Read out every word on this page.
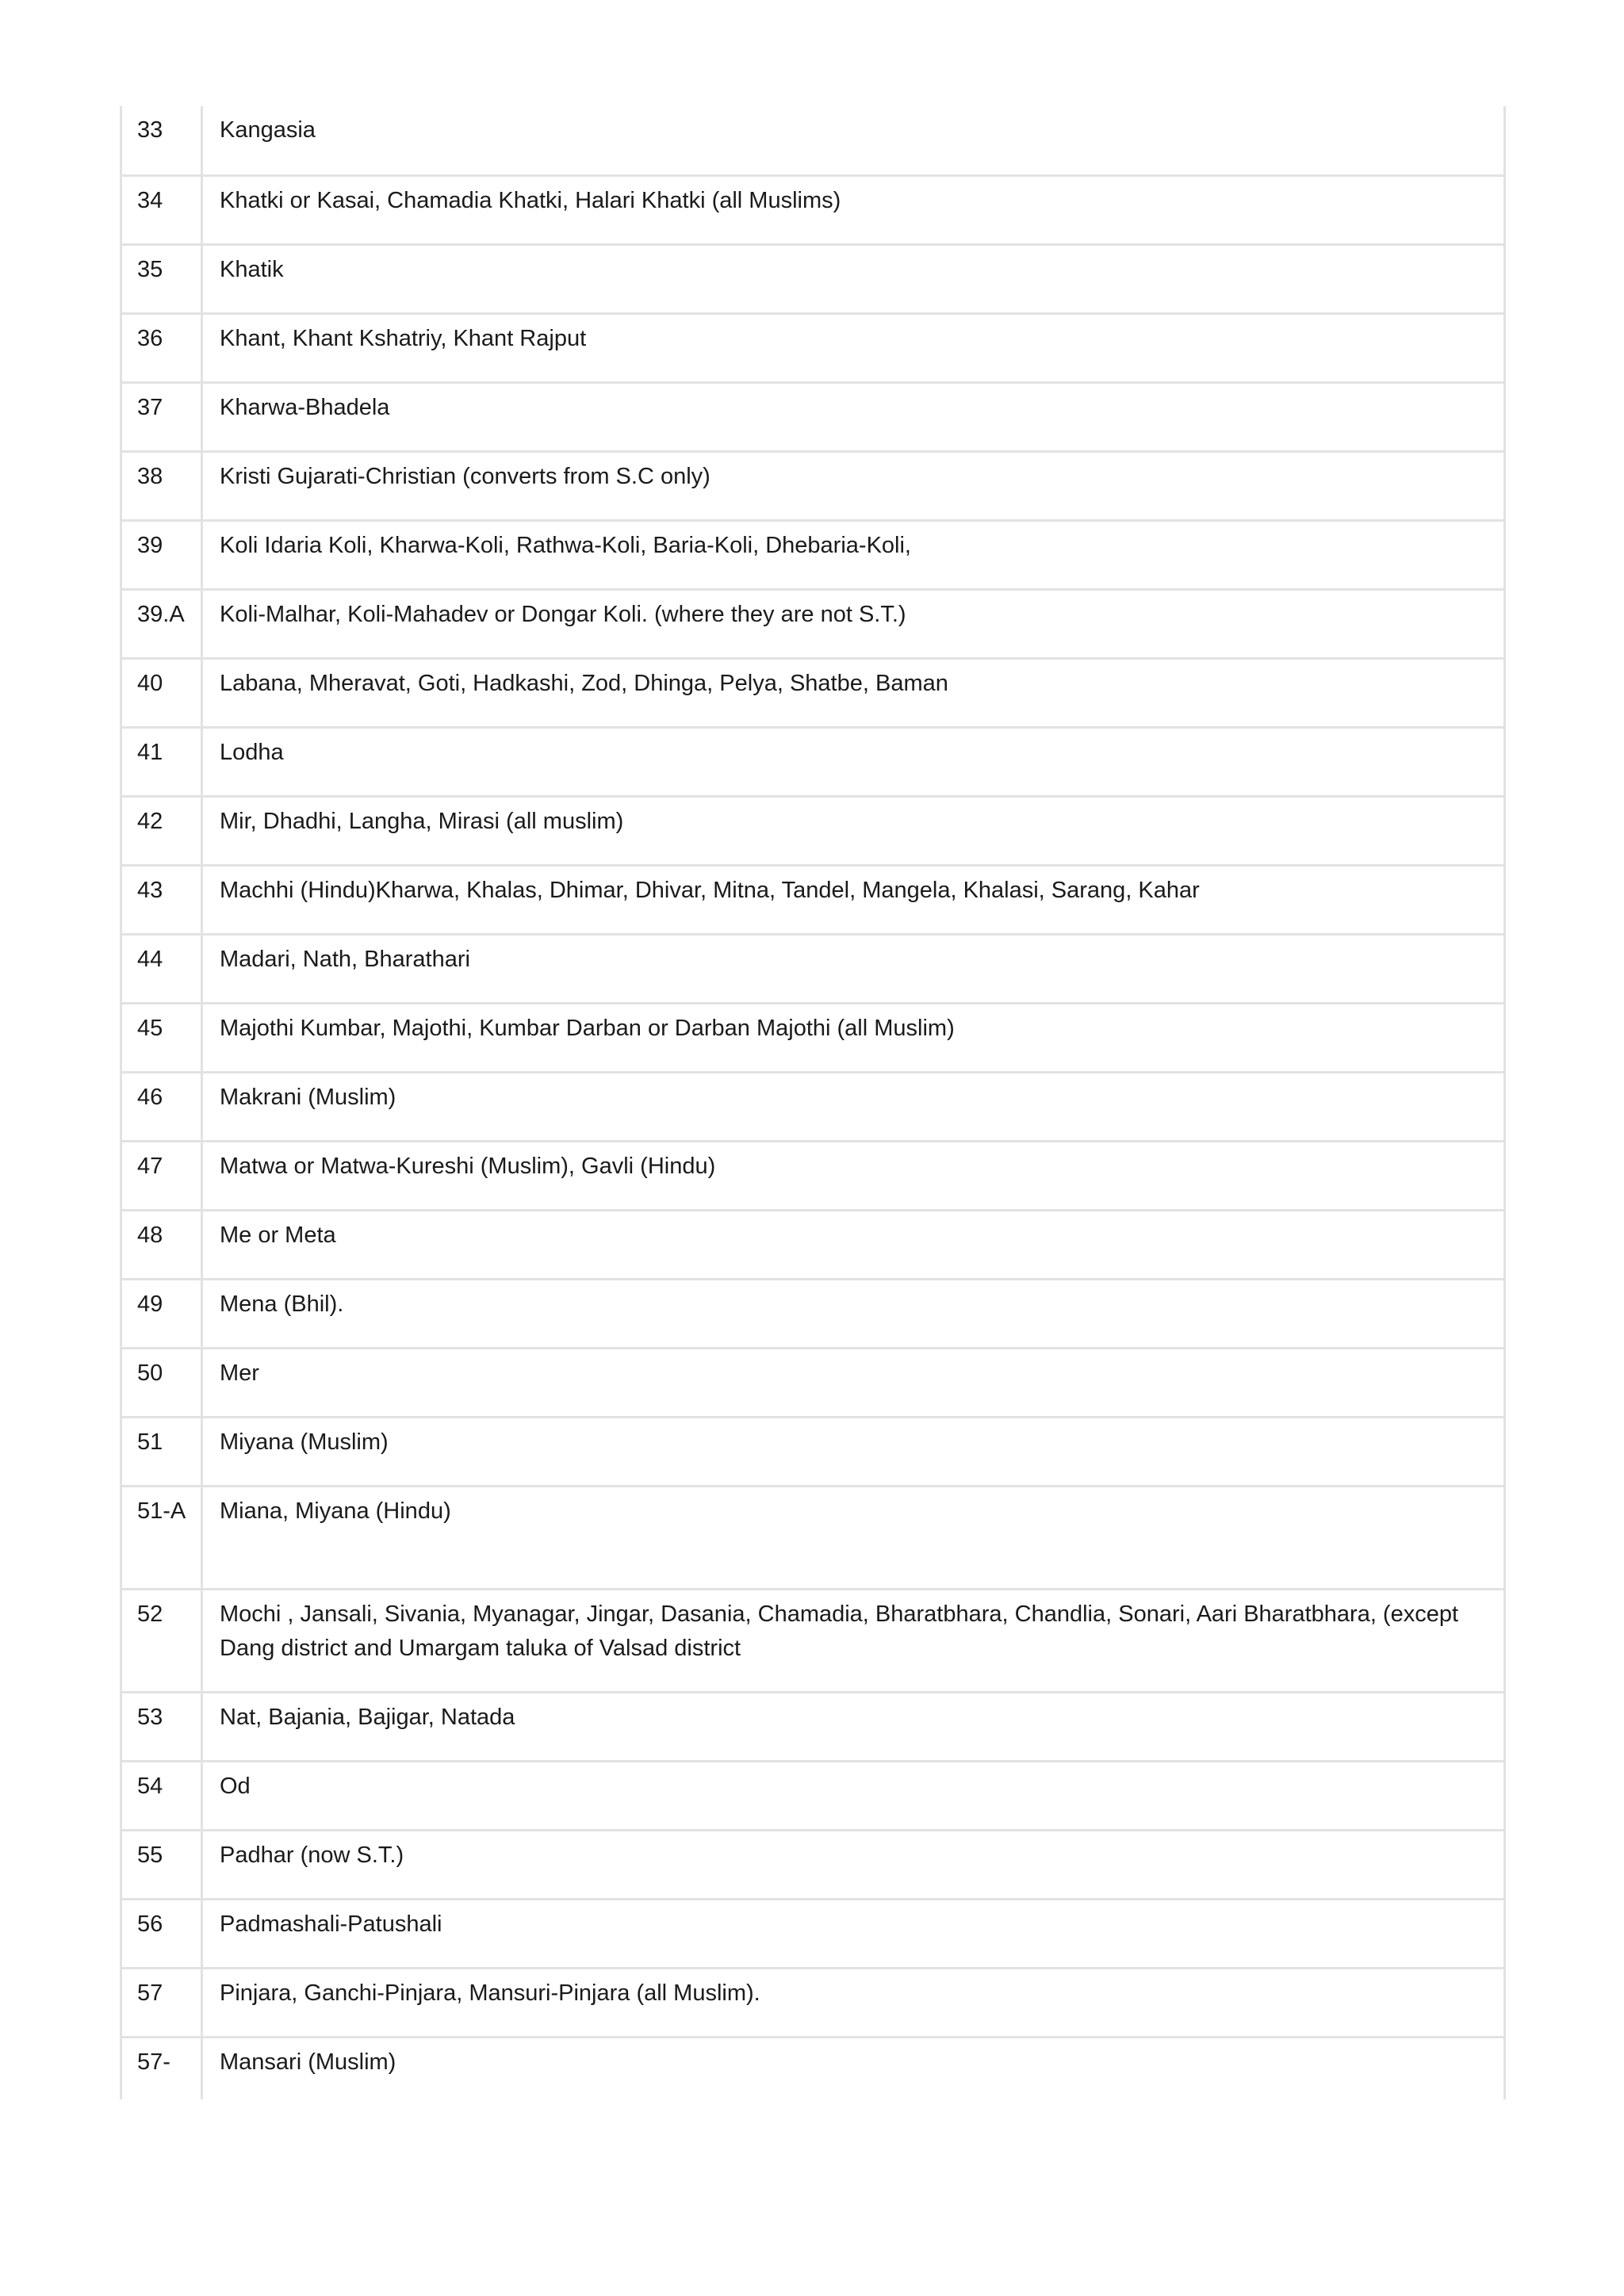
33	Kangasia
34	Khatki or Kasai, Chamadia Khatki, Halari Khatki (all Muslims)
35	Khatik
36	Khant, Khant Kshatriy, Khant Rajput
37	Kharwa-Bhadela
38	Kristi Gujarati-Christian (converts from S.C only)
39	Koli Idaria Koli, Kharwa-Koli, Rathwa-Koli, Baria-Koli, Dhebaria-Koli,
39.A	Koli-Malhar, Koli-Mahadev or Dongar Koli. (where they are not S.T.)
40	Labana, Mheravat, Goti, Hadkashi, Zod, Dhinga, Pelya, Shatbe, Baman
41	Lodha
42	Mir, Dhadhi, Langha, Mirasi (all muslim)
43	Machhi (Hindu)Kharwa, Khalas, Dhimar, Dhivar, Mitna, Tandel, Mangela, Khalasi, Sarang, Kahar
44	Madari, Nath, Bharathari
45	Majothi Kumbar, Majothi, Kumbar Darban or Darban Majothi (all Muslim)
46	Makrani (Muslim)
47	Matwa or Matwa-Kureshi (Muslim), Gavli (Hindu)
48	Me or Meta
49	Mena (Bhil).
50	Mer
51	Miyana (Muslim)
51-A	Miana, Miyana (Hindu)
52	Mochi , Jansali, Sivania, Myanagar, Jingar, Dasania, Chamadia, Bharatbhara, Chandlia, Sonari, Aari Bharatbhara, (except Dang district and Umargam taluka of Valsad district
53	Nat, Bajania, Bajigar, Natada
54	Od
55	Padhar (now S.T.)
56	Padmashali-Patushali
57	Pinjara, Ganchi-Pinjara, Mansuri-Pinjara (all Muslim).
57-	Mansari (Muslim)
